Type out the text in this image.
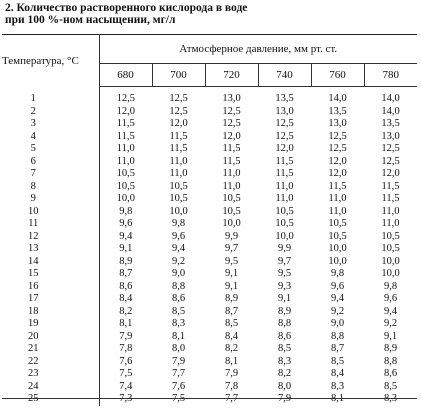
2. Количество растворенного кислорода в воде
при 100 %-ном насыщении, мг/л
Температура, °С	Атмосферное давление, мм рт. ст.					
	680	700	720	740	760	780
1	12,5	12,5	13,0	13,5	14,0	14,0
2	12,0	12,5	12,5	13,0	13,5	14,0
3	11,5	12,0	12,5	12,5	13,0	13,5
4	11,5	11,5	12,0	12,5	12,5	13,0
5	11,0	11,5	11,5	12,0	12,5	12,5
6	11,0	11,0	11,5	11,5	12,0	12,5
7	10,5	11,0	11,0	11,5	12,0	12,0
8	10,5	10,5	11,0	11,0	11,5	11,5
9	10,0	10,5	10,5	11,0	11,0	11,5
10	9,8	10,0	10,5	10,5	11,0	11,0
11	9,6	9,8	10,0	10,5	10,5	11,0
12	9,4	9,6	9,9	10,0	10,5	10,5
13	9,1	9,4	9,7	9,9	10,0	10,5
14	8,9	9,2	9,5	9,7	10,0	10,0
15	8,7	9,0	9,1	9,5	9,8	10,0
16	8,6	8,8	9,1	9,3	9,6	9,8
17	8,4	8,6	8,9	9,1	9,4	9,6
18	8,2	8,5	8,7	8,9	9,2	9,4
19	8,1	8,3	8,5	8,8	9,0	9,2
20	7,9	8,1	8,4	8,6	8,8	9,1
21	7,8	8,0	8,2	8,5	8,7	8,9
22	7,6	7,9	8,1	8,3	8,5	8,8
23	7,5	7,7	7,9	8,2	8,4	8,6
24	7,4	7,6	7,8	8,0	8,3	8,5
25	7,3	7,5	7,7	7,9	8,1	8,3
